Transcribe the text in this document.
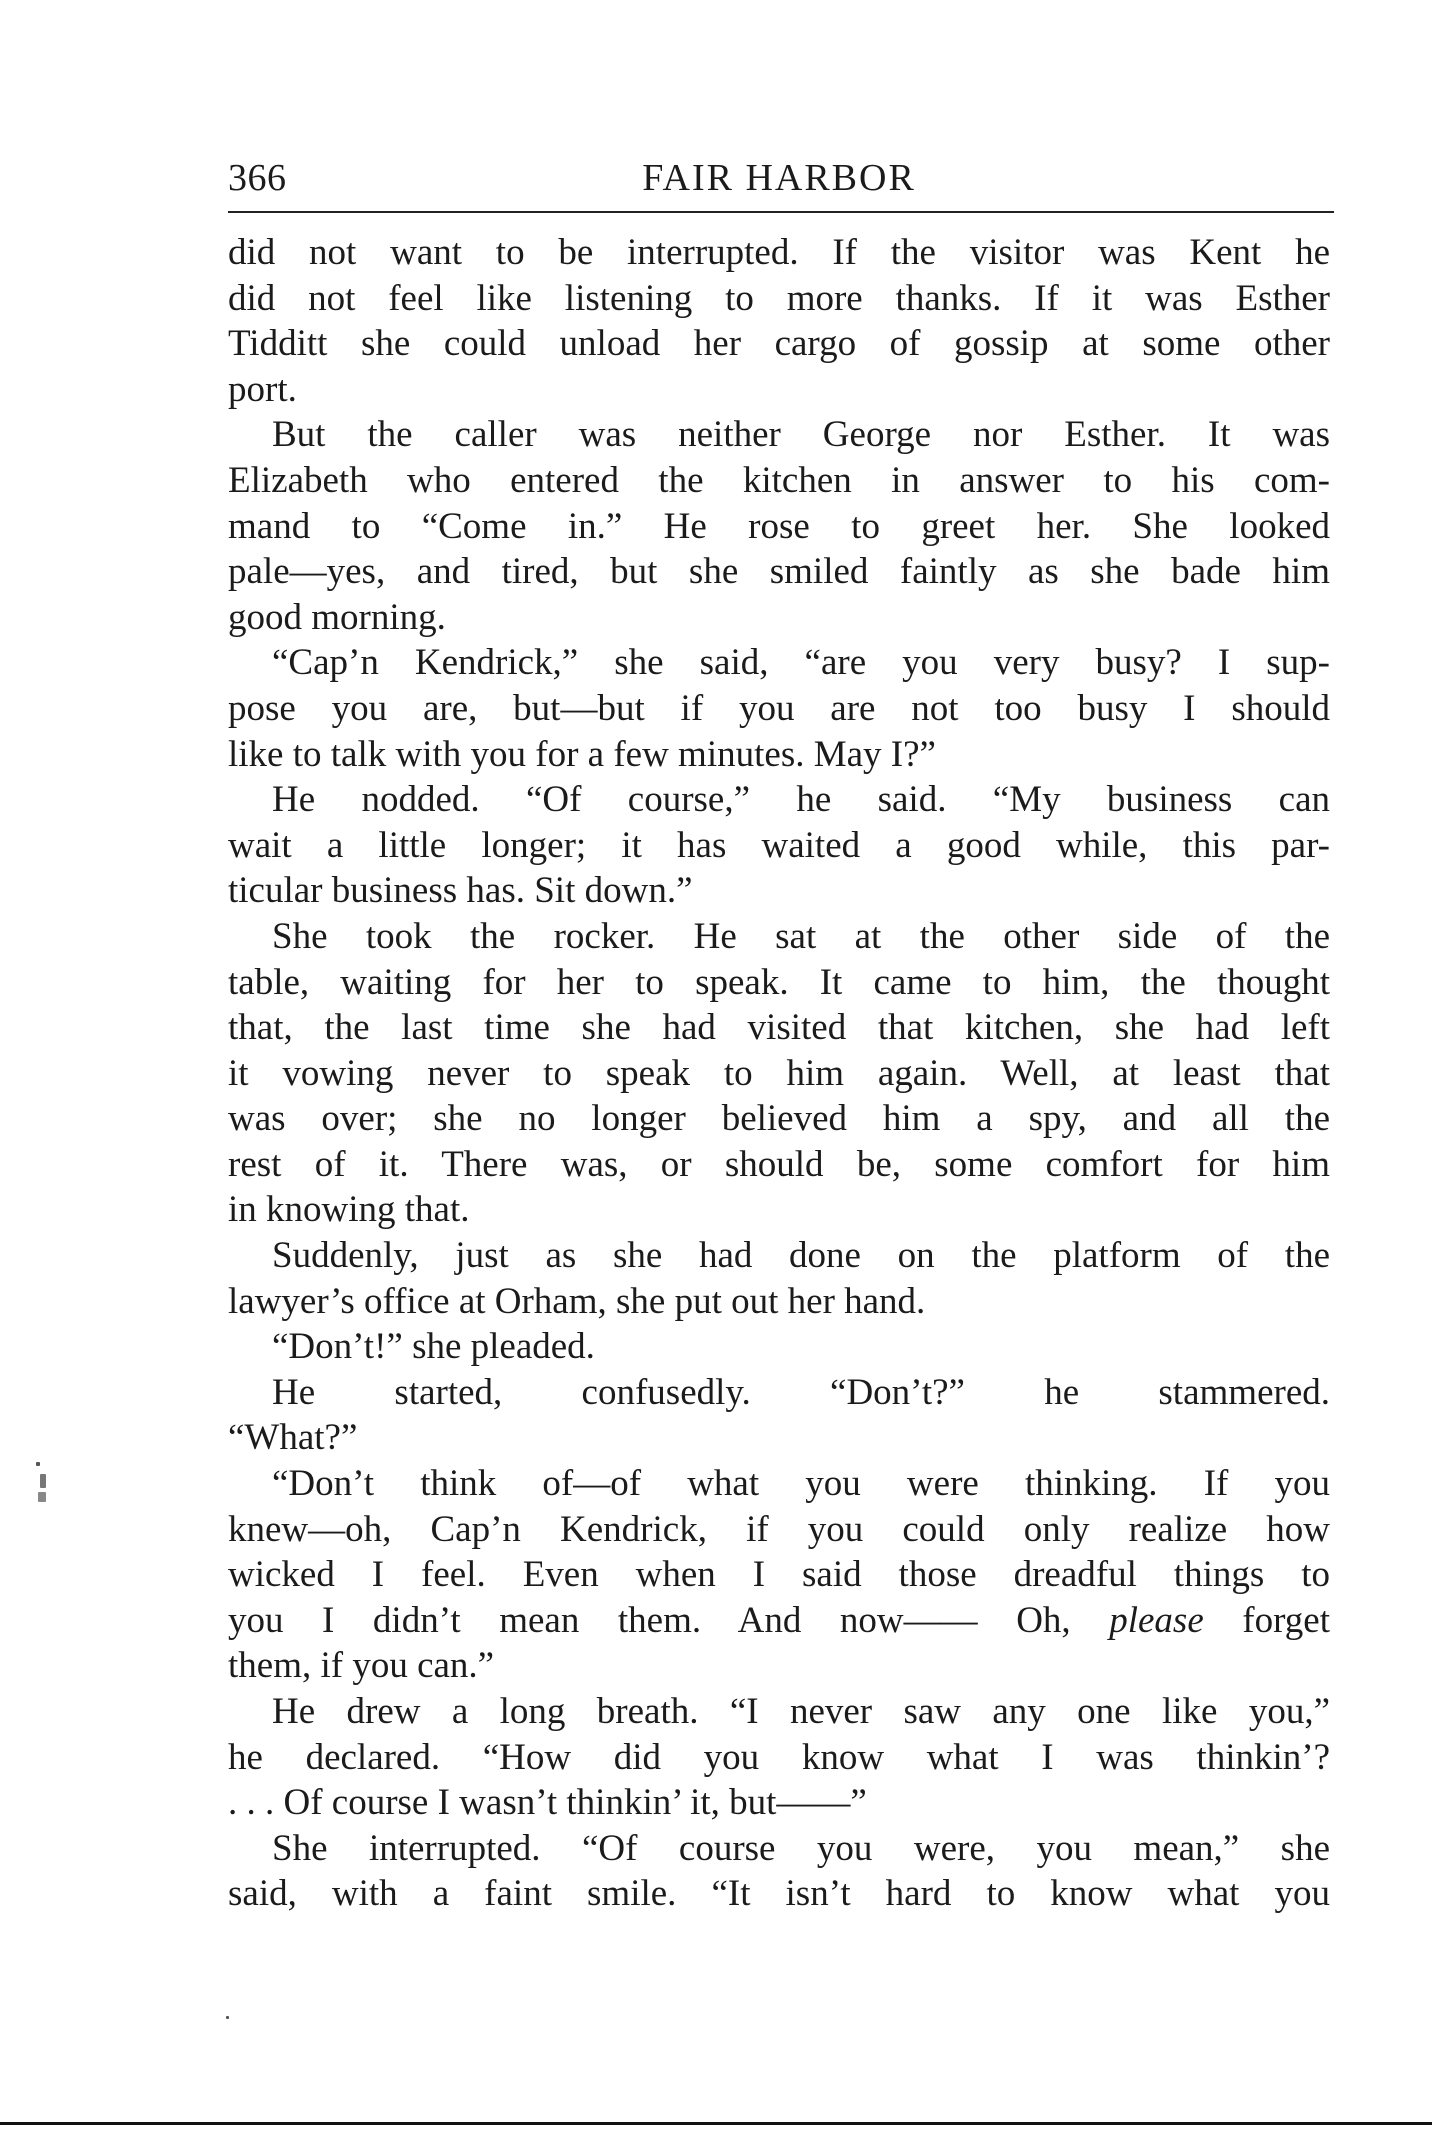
366	FAIR HARBOR
did not want to be interrupted. If the visitor was Kent he
did not feel like listening to more thanks. If it was Esther
Tidditt she could unload her cargo of gossip at some other
port.
But the caller was neither George nor Esther. It was
Elizabeth who entered the kitchen in answer to his com-
mand to “Come in.” He rose to greet her. She looked
pale—yes, and tired, but she smiled faintly as she bade him
good morning.
“Cap’n Kendrick,” she said, “are you very busy? I sup-
pose you are, but—but if you are not too busy I should
like to talk with you for a few minutes. May I?”
He nodded. “Of course,” he said. “My business can
wait a little longer; it has waited a good while, this par-
ticular business has. Sit down.”
She took the rocker. He sat at the other side of the
table, waiting for her to speak. It came to him, the thought
that, the last time she had visited that kitchen, she had left
it vowing never to speak to him again. Well, at least that
was over; she no longer believed him a spy, and all the
rest of it. There was, or should be, some comfort for him
in knowing that.
Suddenly, just as she had done on the platform of the
lawyer’s office at Orham, she put out her hand.
“Don’t!” she pleaded.
He started, confusedly. “Don’t?” he stammered.
“What?”
“Don’t think of—of what you were thinking. If you
knew—oh, Cap’n Kendrick, if you could only realize how
wicked I feel. Even when I said those dreadful things to
you I didn’t mean them. And now—— Oh, please forget
them, if you can.”
He drew a long breath. “I never saw any one like you,”
he declared. “How did you know what I was thinkin’?
. . . Of course I wasn’t thinkin’ it, but——”
She interrupted. “Of course you were, you mean,” she
said, with a faint smile. “It isn’t hard to know what you
